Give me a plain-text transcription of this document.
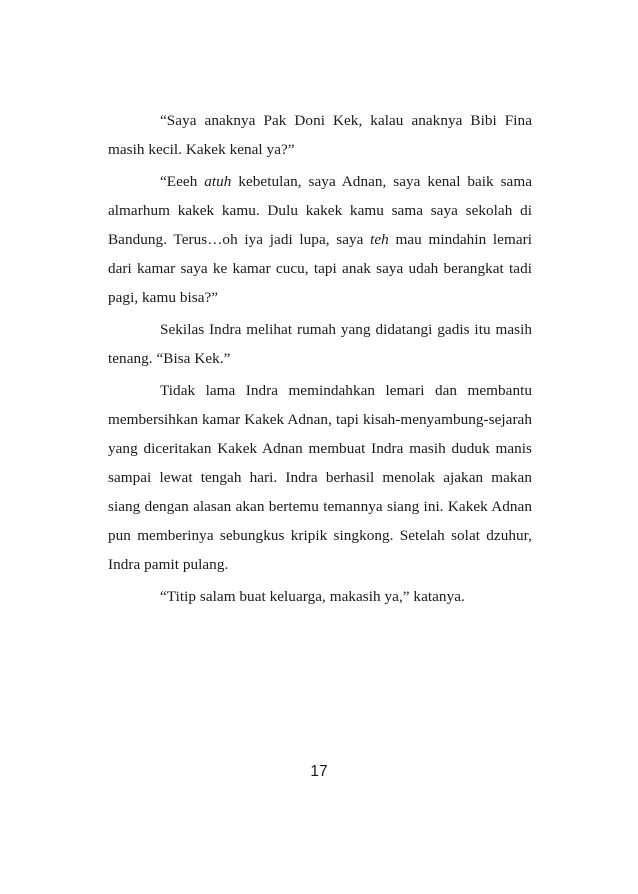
“Saya anaknya Pak Doni Kek, kalau anaknya Bibi Fina masih kecil. Kakek kenal ya?”

“Eeeh atuh kebetulan, saya Adnan, saya kenal baik sama almarhum kakek kamu. Dulu kakek kamu sama saya sekolah di Bandung. Terus…oh iya jadi lupa, saya teh mau mindahin lemari dari kamar saya ke kamar cucu, tapi anak saya udah berangkat tadi pagi, kamu bisa?”

Sekilas Indra melihat rumah yang didatangi gadis itu masih tenang. “Bisa Kek.”

Tidak lama Indra memindahkan lemari dan membantu membersihkan kamar Kakek Adnan, tapi kisah-menyambung-sejarah yang diceritakan Kakek Adnan membuat Indra masih duduk manis sampai lewat tengah hari. Indra berhasil menolak ajakan makan siang dengan alasan akan bertemu temannya siang ini. Kakek Adnan pun memberinya sebungkus kripik singkong. Setelah solat dzuhur, Indra pamit pulang.

“Titip salam buat keluarga, makasih ya,” katanya.

17
